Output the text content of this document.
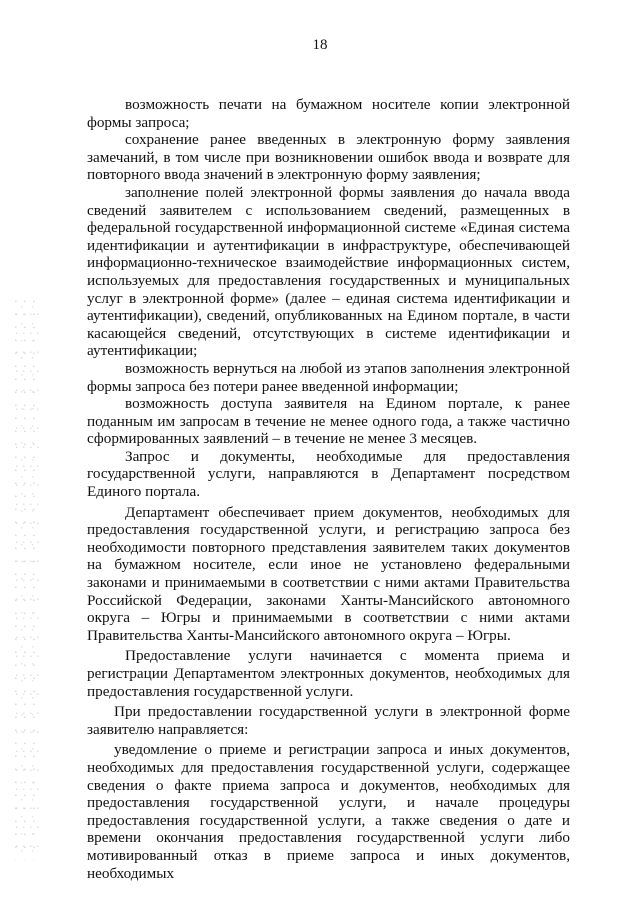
18

возможность печати на бумажном носителе копии электронной формы запроса;

сохранение ранее введенных в электронную форму заявления замечаний, в том числе при возникновении ошибок ввода и возврате для повторного ввода значений в электронную форму заявления;

заполнение полей электронной формы заявления до начала ввода сведений заявителем с использованием сведений, размещенных в федеральной государственной информационной системе «Единая система идентификации и аутентификации в инфраструктуре, обеспечивающей информационно-техническое взаимодействие информационных систем, используемых для предоставления государственных и муниципальных услуг в электронной форме» (далее – единая система идентификации и аутентификации), сведений, опубликованных на Едином портале, в части касающейся сведений, отсутствующих в системе идентификации и аутентификации;

возможность вернуться на любой из этапов заполнения электронной формы запроса без потери ранее введенной информации;

возможность доступа заявителя на Едином портале, к ранее поданным им запросам в течение не менее одного года, а также частично сформированных заявлений – в течение не менее 3 месяцев.

Запрос и документы, необходимые для предоставления государственной услуги, направляются в Департамент посредством Единого портала.

Департамент обеспечивает прием документов, необходимых для предоставления государственной услуги, и регистрацию запроса без необходимости повторного представления заявителем таких документов на бумажном носителе, если иное не установлено федеральными законами и принимаемыми в соответствии с ними актами Правительства Российской Федерации, законами Ханты-Мансийского автономного округа – Югры и принимаемыми в соответствии с ними актами Правительства Ханты-Мансийского автономного округа – Югры.

Предоставление услуги начинается с момента приема и регистрации Департаментом электронных документов, необходимых для предоставления государственной услуги.

При предоставлении государственной услуги в электронной форме заявителю направляется:

уведомление о приеме и регистрации запроса и иных документов, необходимых для предоставления государственной услуги, содержащее сведения о факте приема запроса и документов, необходимых для предоставления государственной услуги, и начале процедуры предоставления государственной услуги, а также сведения о дате и времени окончания предоставления государственной услуги либо мотивированный отказ в приеме запроса и иных документов, необходимых
